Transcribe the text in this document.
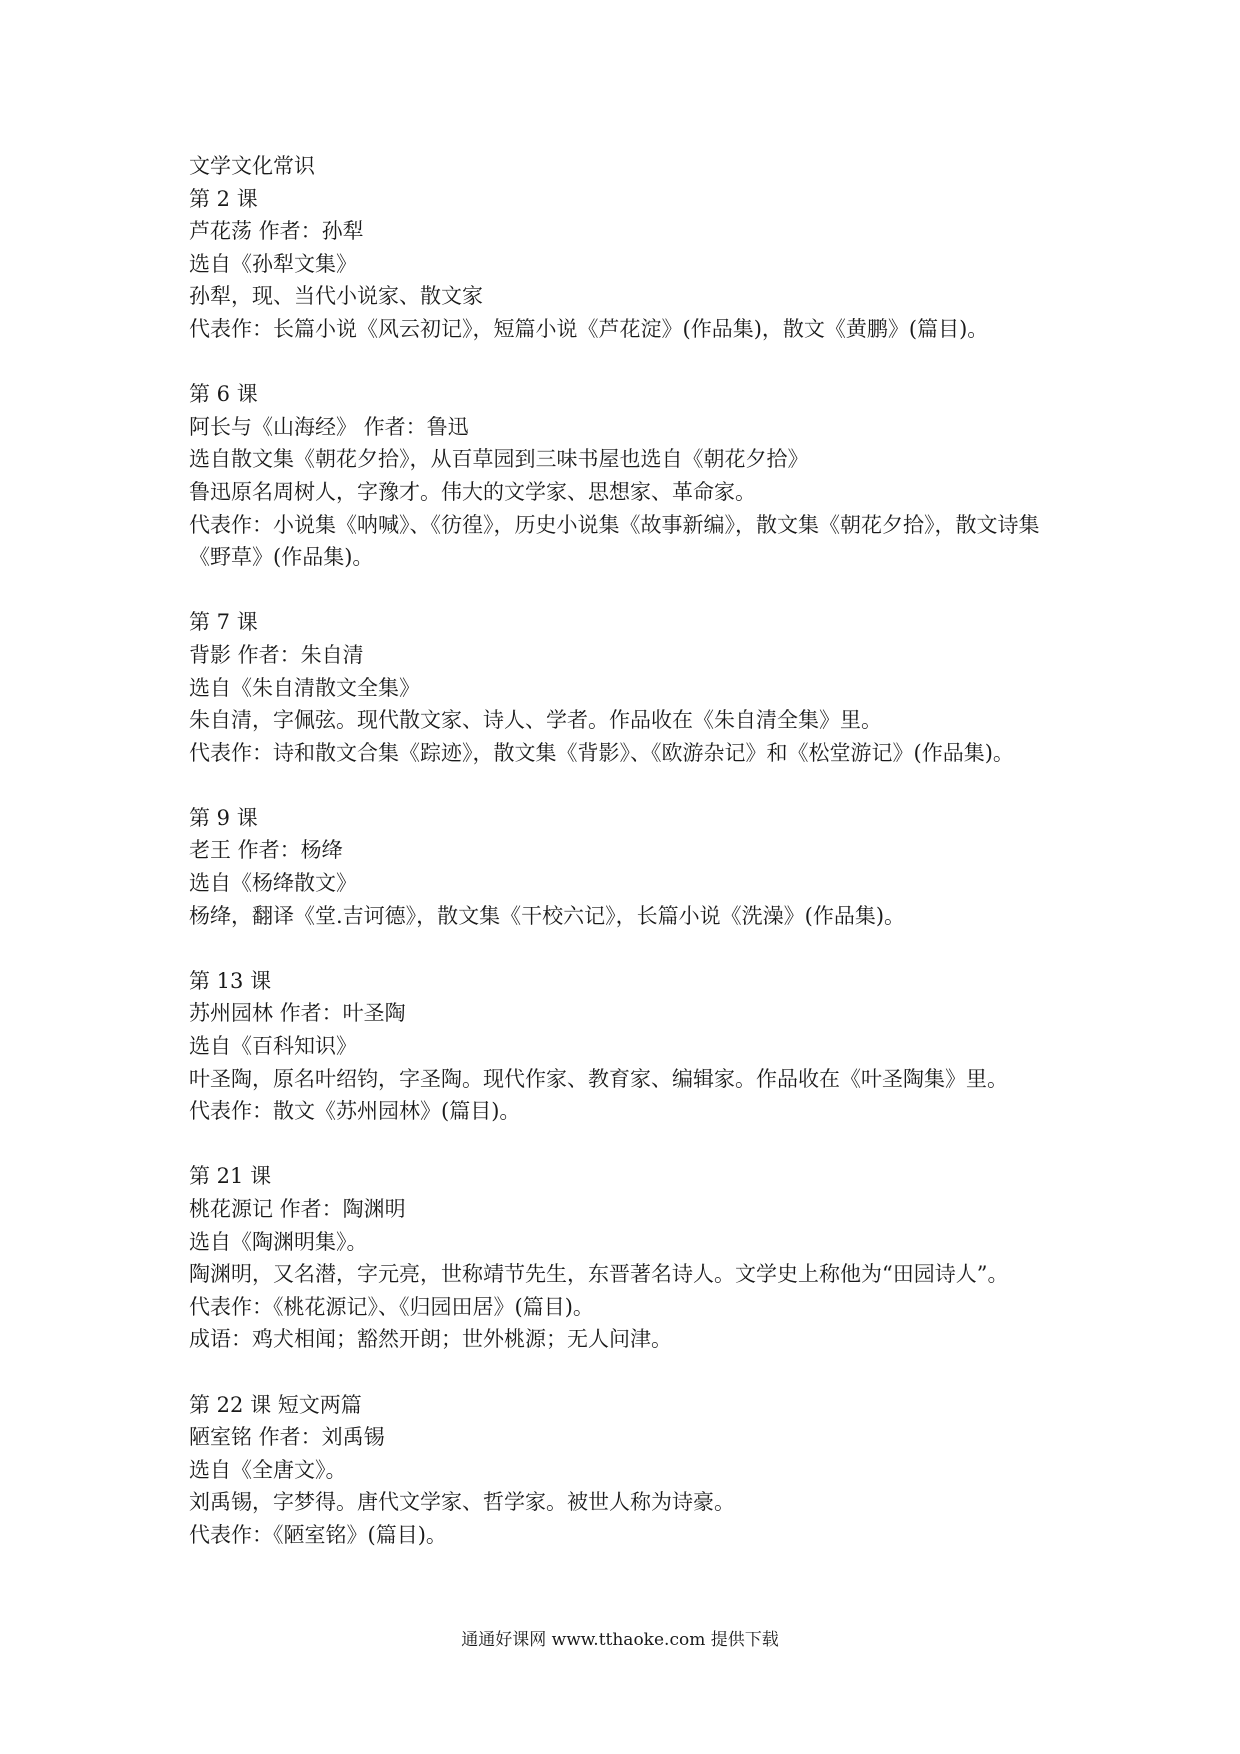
文学文化常识
第 2 课
芦花荡 作者：孙犁
选自《孙犁文集》
孙犁，现、当代小说家、散文家
代表作：长篇小说《风云初记》，短篇小说《芦花淀》(作品集)，散文《黄鹏》(篇目)。
第 6 课
阿长与《山海经》 作者：鲁迅
选自散文集《朝花夕拾》，从百草园到三味书屋也选自《朝花夕拾》
鲁迅原名周树人，字豫才。伟大的文学家、思想家、革命家。
代表作：小说集《呐喊》、《彷徨》，历史小说集《故事新编》，散文集《朝花夕拾》，散文诗集《野草》(作品集)。
第 7 课
背影 作者：朱自清
选自《朱自清散文全集》
朱自清，字佩弦。现代散文家、诗人、学者。作品收在《朱自清全集》里。
代表作：诗和散文合集《踪迹》，散文集《背影》、《欧游杂记》和《松堂游记》(作品集)。
第 9 课
老王 作者：杨绛
选自《杨绛散文》
杨绛，翻译《堂.吉诃德》，散文集《干校六记》，长篇小说《洗澡》(作品集)。
第 13 课
苏州园林 作者：叶圣陶
选自《百科知识》
叶圣陶，原名叶绍钧，字圣陶。现代作家、教育家、编辑家。作品收在《叶圣陶集》里。
代表作：散文《苏州园林》(篇目)。
第 21 课
桃花源记 作者：陶渊明
选自《陶渊明集》。
陶渊明，又名潜，字元亮，世称靖节先生，东晋著名诗人。文学史上称他为“田园诗人”。
代表作：《桃花源记》、《归园田居》(篇目)。
成语：鸡犬相闻；豁然开朗；世外桃源；无人问津。
第 22 课 短文两篇
陋室铭 作者：刘禹锡
选自《全唐文》。
刘禹锡，字梦得。唐代文学家、哲学家。被世人称为诗豪。
代表作：《陋室铭》(篇目)。
通通好课网 www.tthaoke.com 提供下载
